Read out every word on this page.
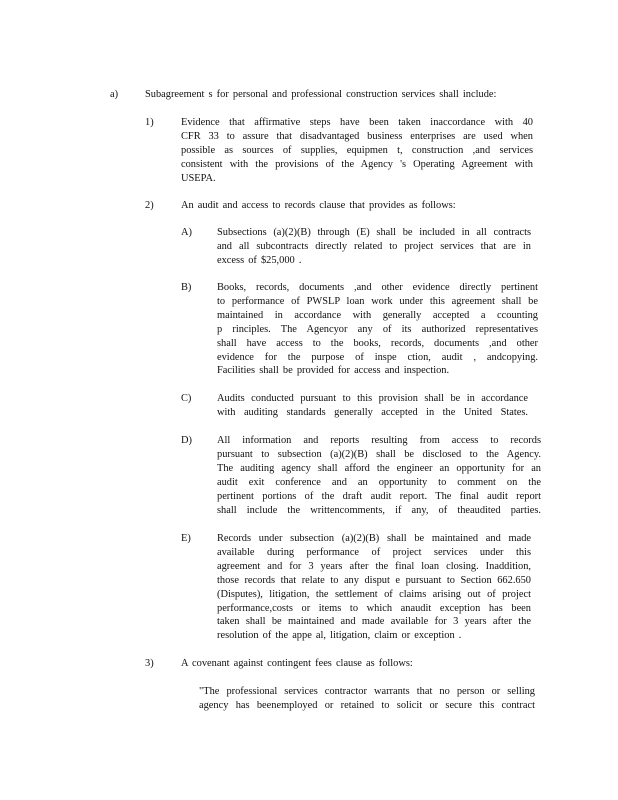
a)	Subagreement s for personal and professional construction services shall include:
1)	Evidence that affirmative steps have been taken inaccordance with 40
CFR 33 to assure that disadvantaged business enterprises are used when
possible as sources of supplies, equipmen t, construction ,and services
consistent with the provisions of the Agency 's Operating Agreement with
USEPA.
2)	An audit and access to records clause that provides as follows:
A) Subsections (a)(2)(B) through (E) shall be included in all contracts
and all subcontracts directly related to project services that are in
excess of $25,000 .
B) Books, records, documents ,and other evidence directly pertinent
to performance of PWSLP loan work under this agreement shall be
maintained in accordance with generally accepted a ccounting
p rinciples. The Agencyor any of its authorized representatives
shall have access to the books, records, documents ,and other
evidence for the purpose of inspe ction, audit , andcopying.
Facilities shall be provided for access and inspection.
C) Audits conducted pursuant to this provision shall be in accordance
with auditing standards generally accepted in the United States.
D) All information and reports resulting from access to records
pursuant to subsection (a)(2)(B) shall be disclosed to the Agency.
The auditing agency shall afford the engineer an opportunity for an
audit exit conference and an opportunity to comment on the
pertinent portions of the draft audit report. The final audit report
shall include the writtencomments, if any, of theaudited parties.
E)	Records under subsection (a)(2)(B) shall be maintained and made
available during performance of project services under this
agreement and for 3 years after the final loan closing. Inaddition,
those records that relate to any disput e pursuant to Section 662.650
(Disputes), litigation, the settlement of claims arising out of project
performance,costs or items to which anaudit exception has been
taken shall be maintained and made available for 3 years after the
resolution of the appe al, litigation, claim or exception .
3)	A covenant against contingent fees clause as follows:
"The professional services contractor warrants that no person or selling
agency has beenemployed or retained to solicit or secure this contract
